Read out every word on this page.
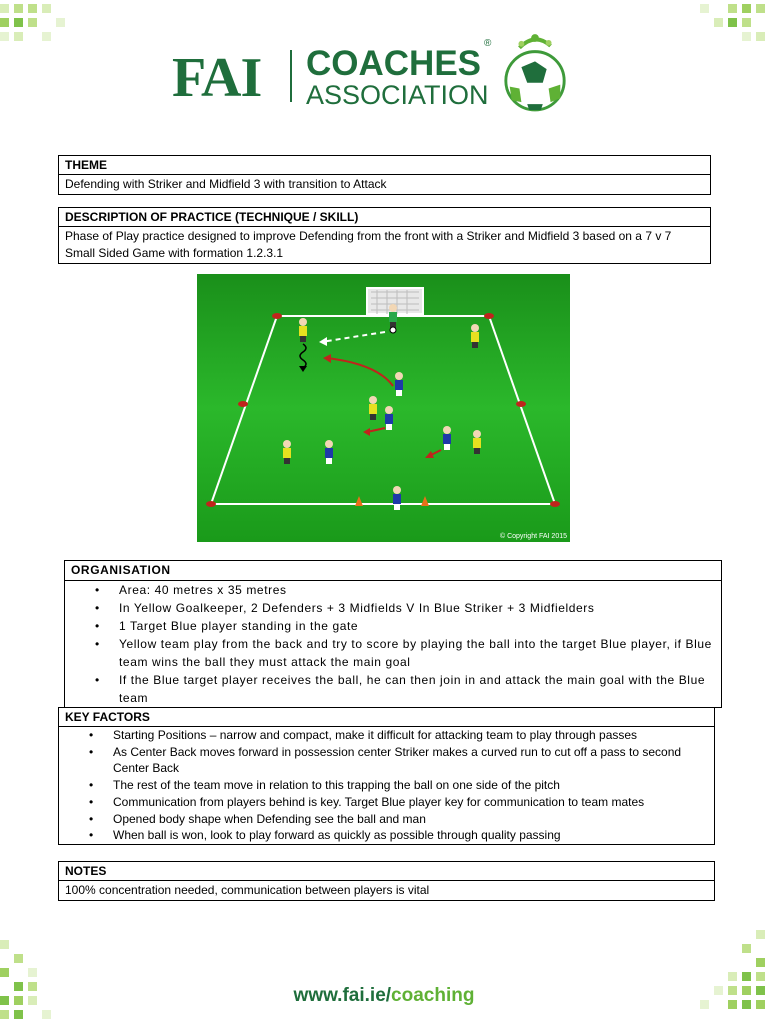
FAI COACHES
®
ASSOCIATION
THEME
Defending with Striker and Midfield 3 with transition to Attack
DESCRIPTION OF PRACTICE (TECHNIQUE / SKILL)
Phase of Play practice designed to improve Defending from the front with a Striker and Midfield 3 based on a 7 v 7 Small Sided Game with formation 1.2.3.1
© Copyright FAI 2015
ORGANISATION
• Area: 40 metres x 35 metres
• In Yellow Goalkeeper, 2 Defenders + 3 Midfields V In Blue Striker + 3 Midfielders
• 1 Target Blue player standing in the gate
• Yellow team play from the back and try to score by playing the ball into the target Blue player, if Blue team wins the ball they must attack the main goal
• If the Blue target player receives the ball, he can then join in and attack the main goal with the Blue team
KEY FACTORS
• Starting Positions – narrow and compact, make it difficult for attacking team to play through passes
• As Center Back moves forward in possession center Striker makes a curved run to cut off a pass to second Center Back
• The rest of the team move in relation to this trapping the ball on one side of the pitch
• Communication from players behind is key. Target Blue player key for communication to team mates
• Opened body shape when Defending see the ball and man
• When ball is won, look to play forward as quickly as possible through quality passing
NOTES
100% concentration needed, communication between players is vital
www.fai.ie/coaching
